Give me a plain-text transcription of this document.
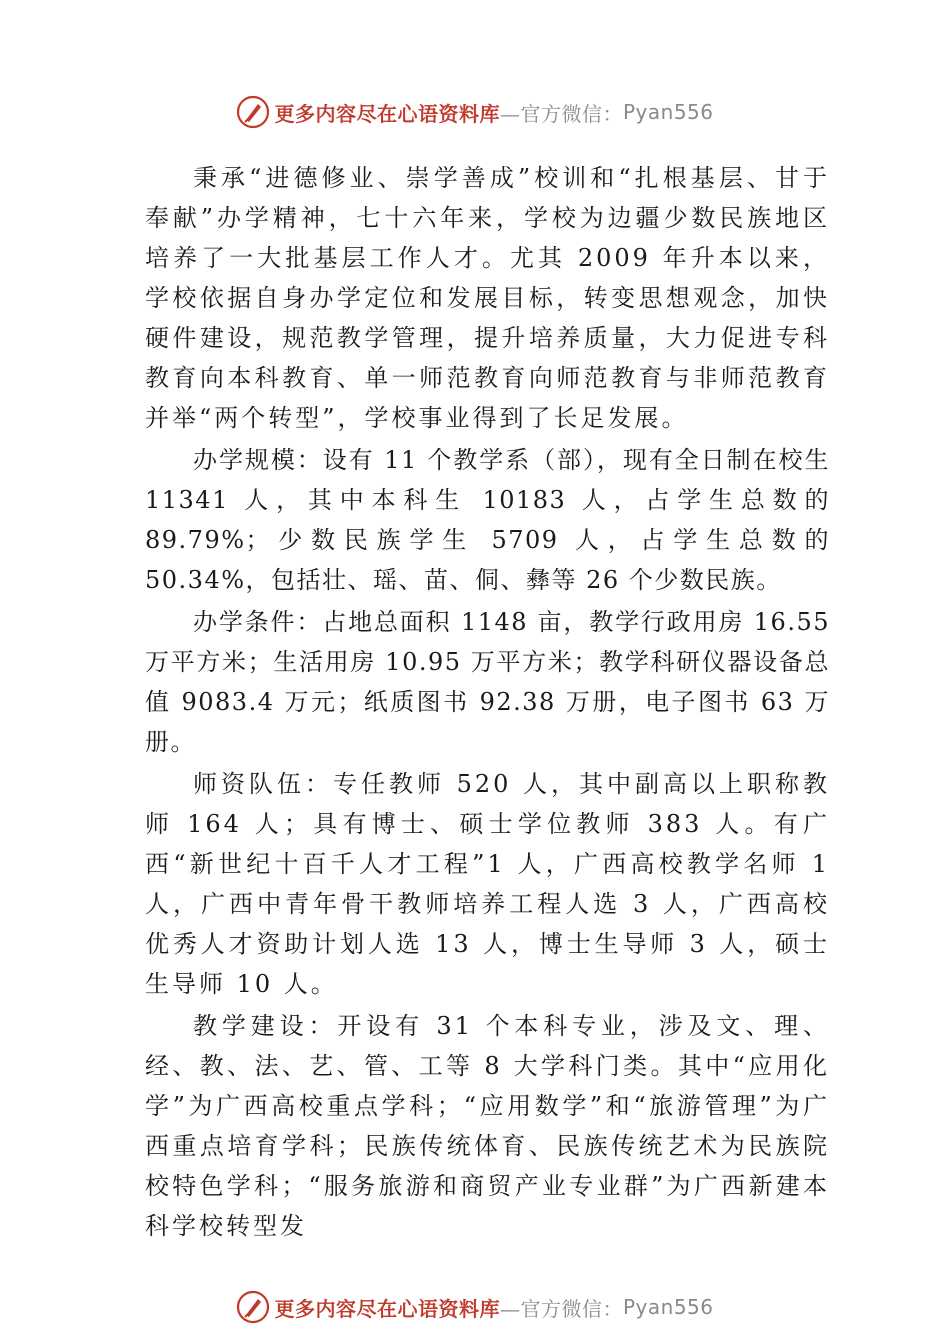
更多内容尽在心语资料库 —官方微信： Pyan556

秉承“进德修业、崇学善成”校训和“扎根基层、甘于奉献”办学精神，七十六年来，学校为边疆少数民族地区培养了一大批基层工作人才。尤其 2009 年升本以来，学校依据自身办学定位和发展目标，转变思想观念，加快硬件建设，规范教学管理，提升培养质量，大力促进专科教育向本科教育、单一师范教育向师范教育与非师范教育并举“两个转型”，学校事业得到了长足发展。

办学规模：设有 11 个教学系（部），现有全日制在校生 11341 人，其中本科生 10183 人，占学生总数的 89.79%；少数民族学生 5709 人，占学生总数的 50.34%，包括壮、瑶、苗、侗、彝等 26 个少数民族。

办学条件：占地总面积 1148 亩，教学行政用房 16.55 万平方米；生活用房 10.95 万平方米；教学科研仪器设备总值 9083.4 万元；纸质图书 92.38 万册，电子图书 63 万册。

师资队伍：专任教师 520 人，其中副高以上职称教师 164 人；具有博士、硕士学位教师 383 人。有广西“新世纪十百千人才工程”1 人，广西高校教学名师 1 人，广西中青年骨干教师培养工程人选 3 人，广西高校优秀人才资助计划人选 13 人，博士生导师 3 人，硕士生导师 10 人。

教学建设：开设有 31 个本科专业，涉及文、理、经、教、法、艺、管、工等 8 大学科门类。其中“应用化学”为广西高校重点学科；“应用数学”和“旅游管理”为广西重点培育学科；民族传统体育、民族传统艺术为民族院校特色学科；“服务旅游和商贸产业专业群”为广西新建本科学校转型发

更多内容尽在心语资料库 —官方微信： Pyan556
